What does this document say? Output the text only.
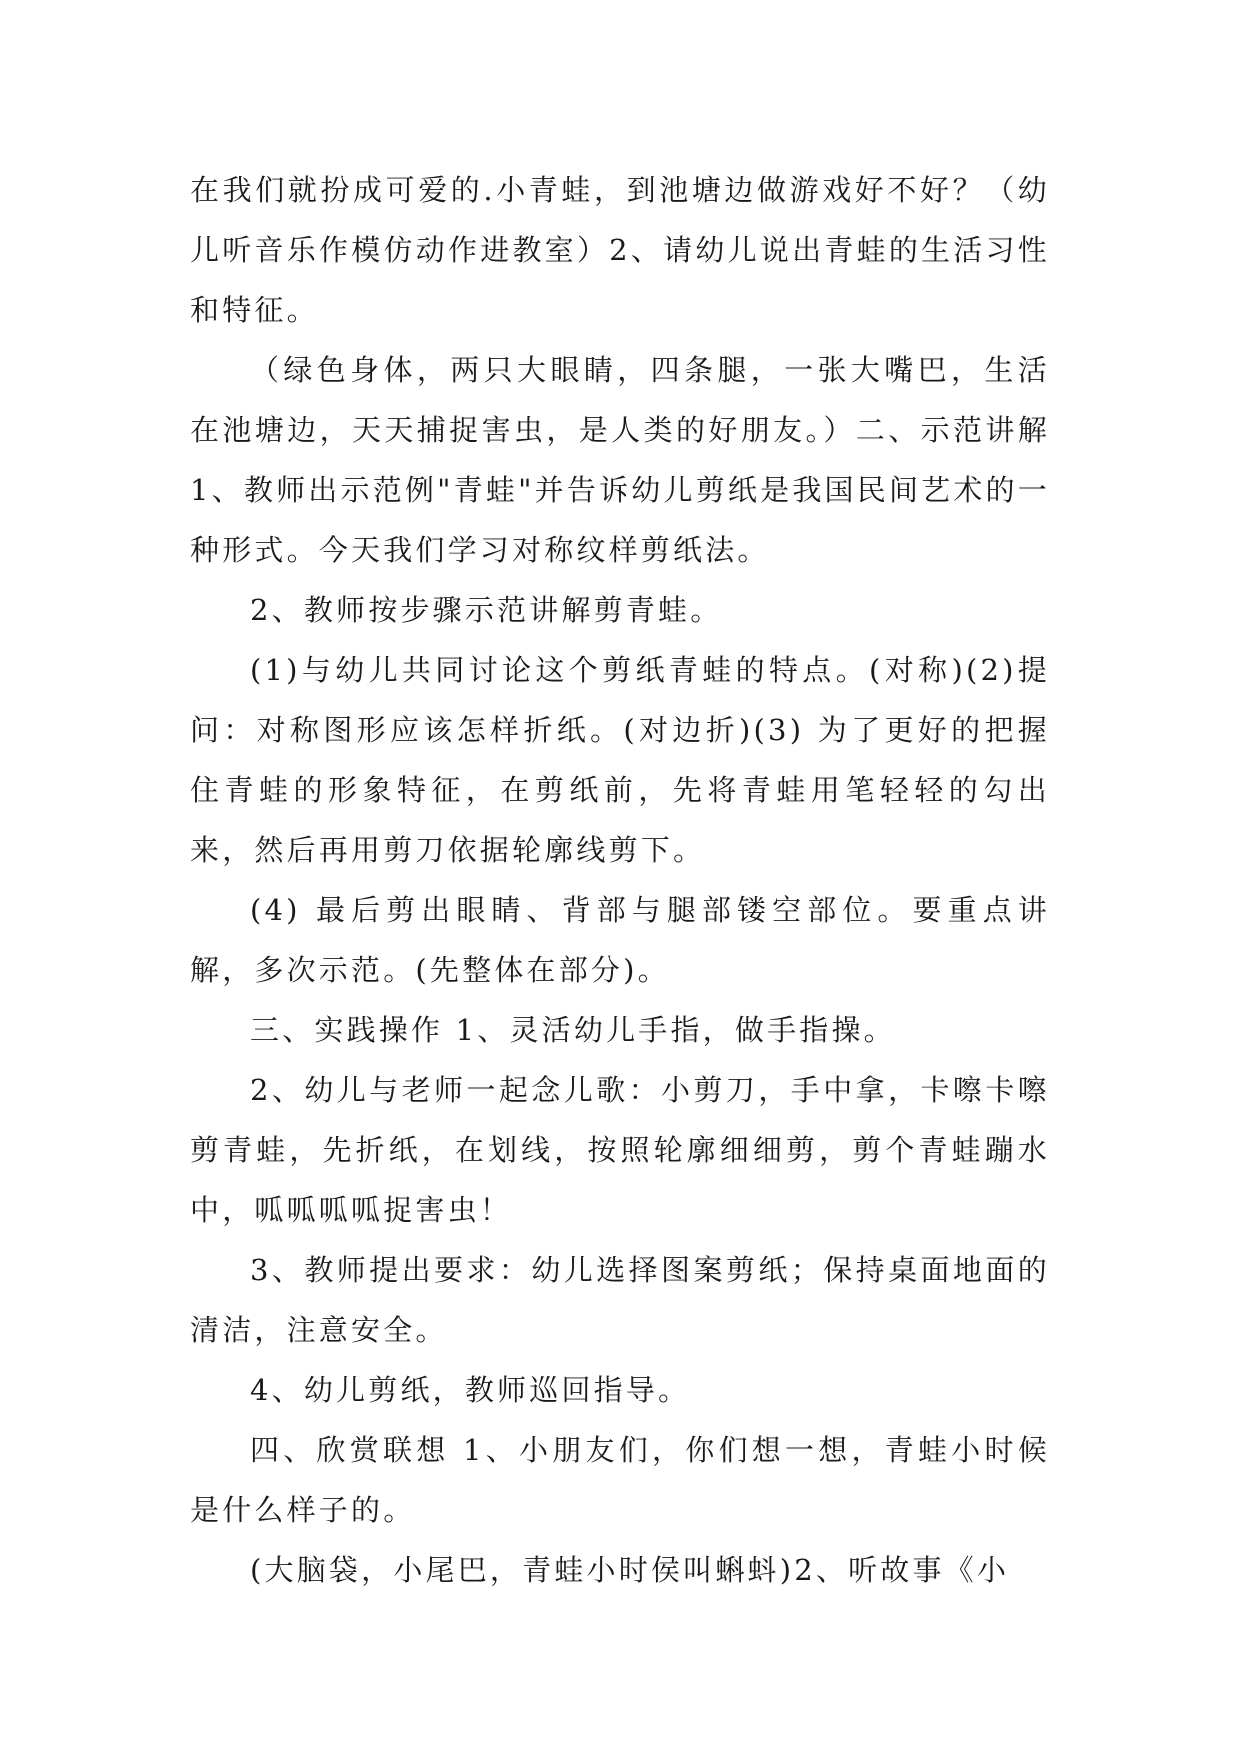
在我们就扮成可爱的.小青蛙，到池塘边做游戏好不好？（幼儿听音乐作模仿动作进教室）2、请幼儿说出青蛙的生活习性和特征。

（绿色身体，两只大眼睛，四条腿，一张大嘴巴，生活在池塘边，天天捕捉害虫，是人类的好朋友。）二、示范讲解 1、教师出示范例"青蛙"并告诉幼儿剪纸是我国民间艺术的一种形式。今天我们学习对称纹样剪纸法。

2、教师按步骤示范讲解剪青蛙。

(1)与幼儿共同讨论这个剪纸青蛙的特点。(对称)(2)提问：对称图形应该怎样折纸。(对边折)(3) 为了更好的把握住青蛙的形象特征，在剪纸前，先将青蛙用笔轻轻的勾出来，然后再用剪刀依据轮廓线剪下。

(4) 最后剪出眼睛、背部与腿部镂空部位。要重点讲解，多次示范。(先整体在部分)。

三、实践操作 1、灵活幼儿手指，做手指操。

2、幼儿与老师一起念儿歌：小剪刀，手中拿，卡嚓卡嚓剪青蛙，先折纸，在划线，按照轮廓细细剪，剪个青蛙蹦水中，呱呱呱呱捉害虫！

3、教师提出要求：幼儿选择图案剪纸；保持桌面地面的清洁，注意安全。

4、幼儿剪纸，教师巡回指导。

四、欣赏联想 1、小朋友们，你们想一想，青蛙小时候是什么样子的。

(大脑袋，小尾巴，青蛙小时侯叫蝌蚪)2、听故事《小
